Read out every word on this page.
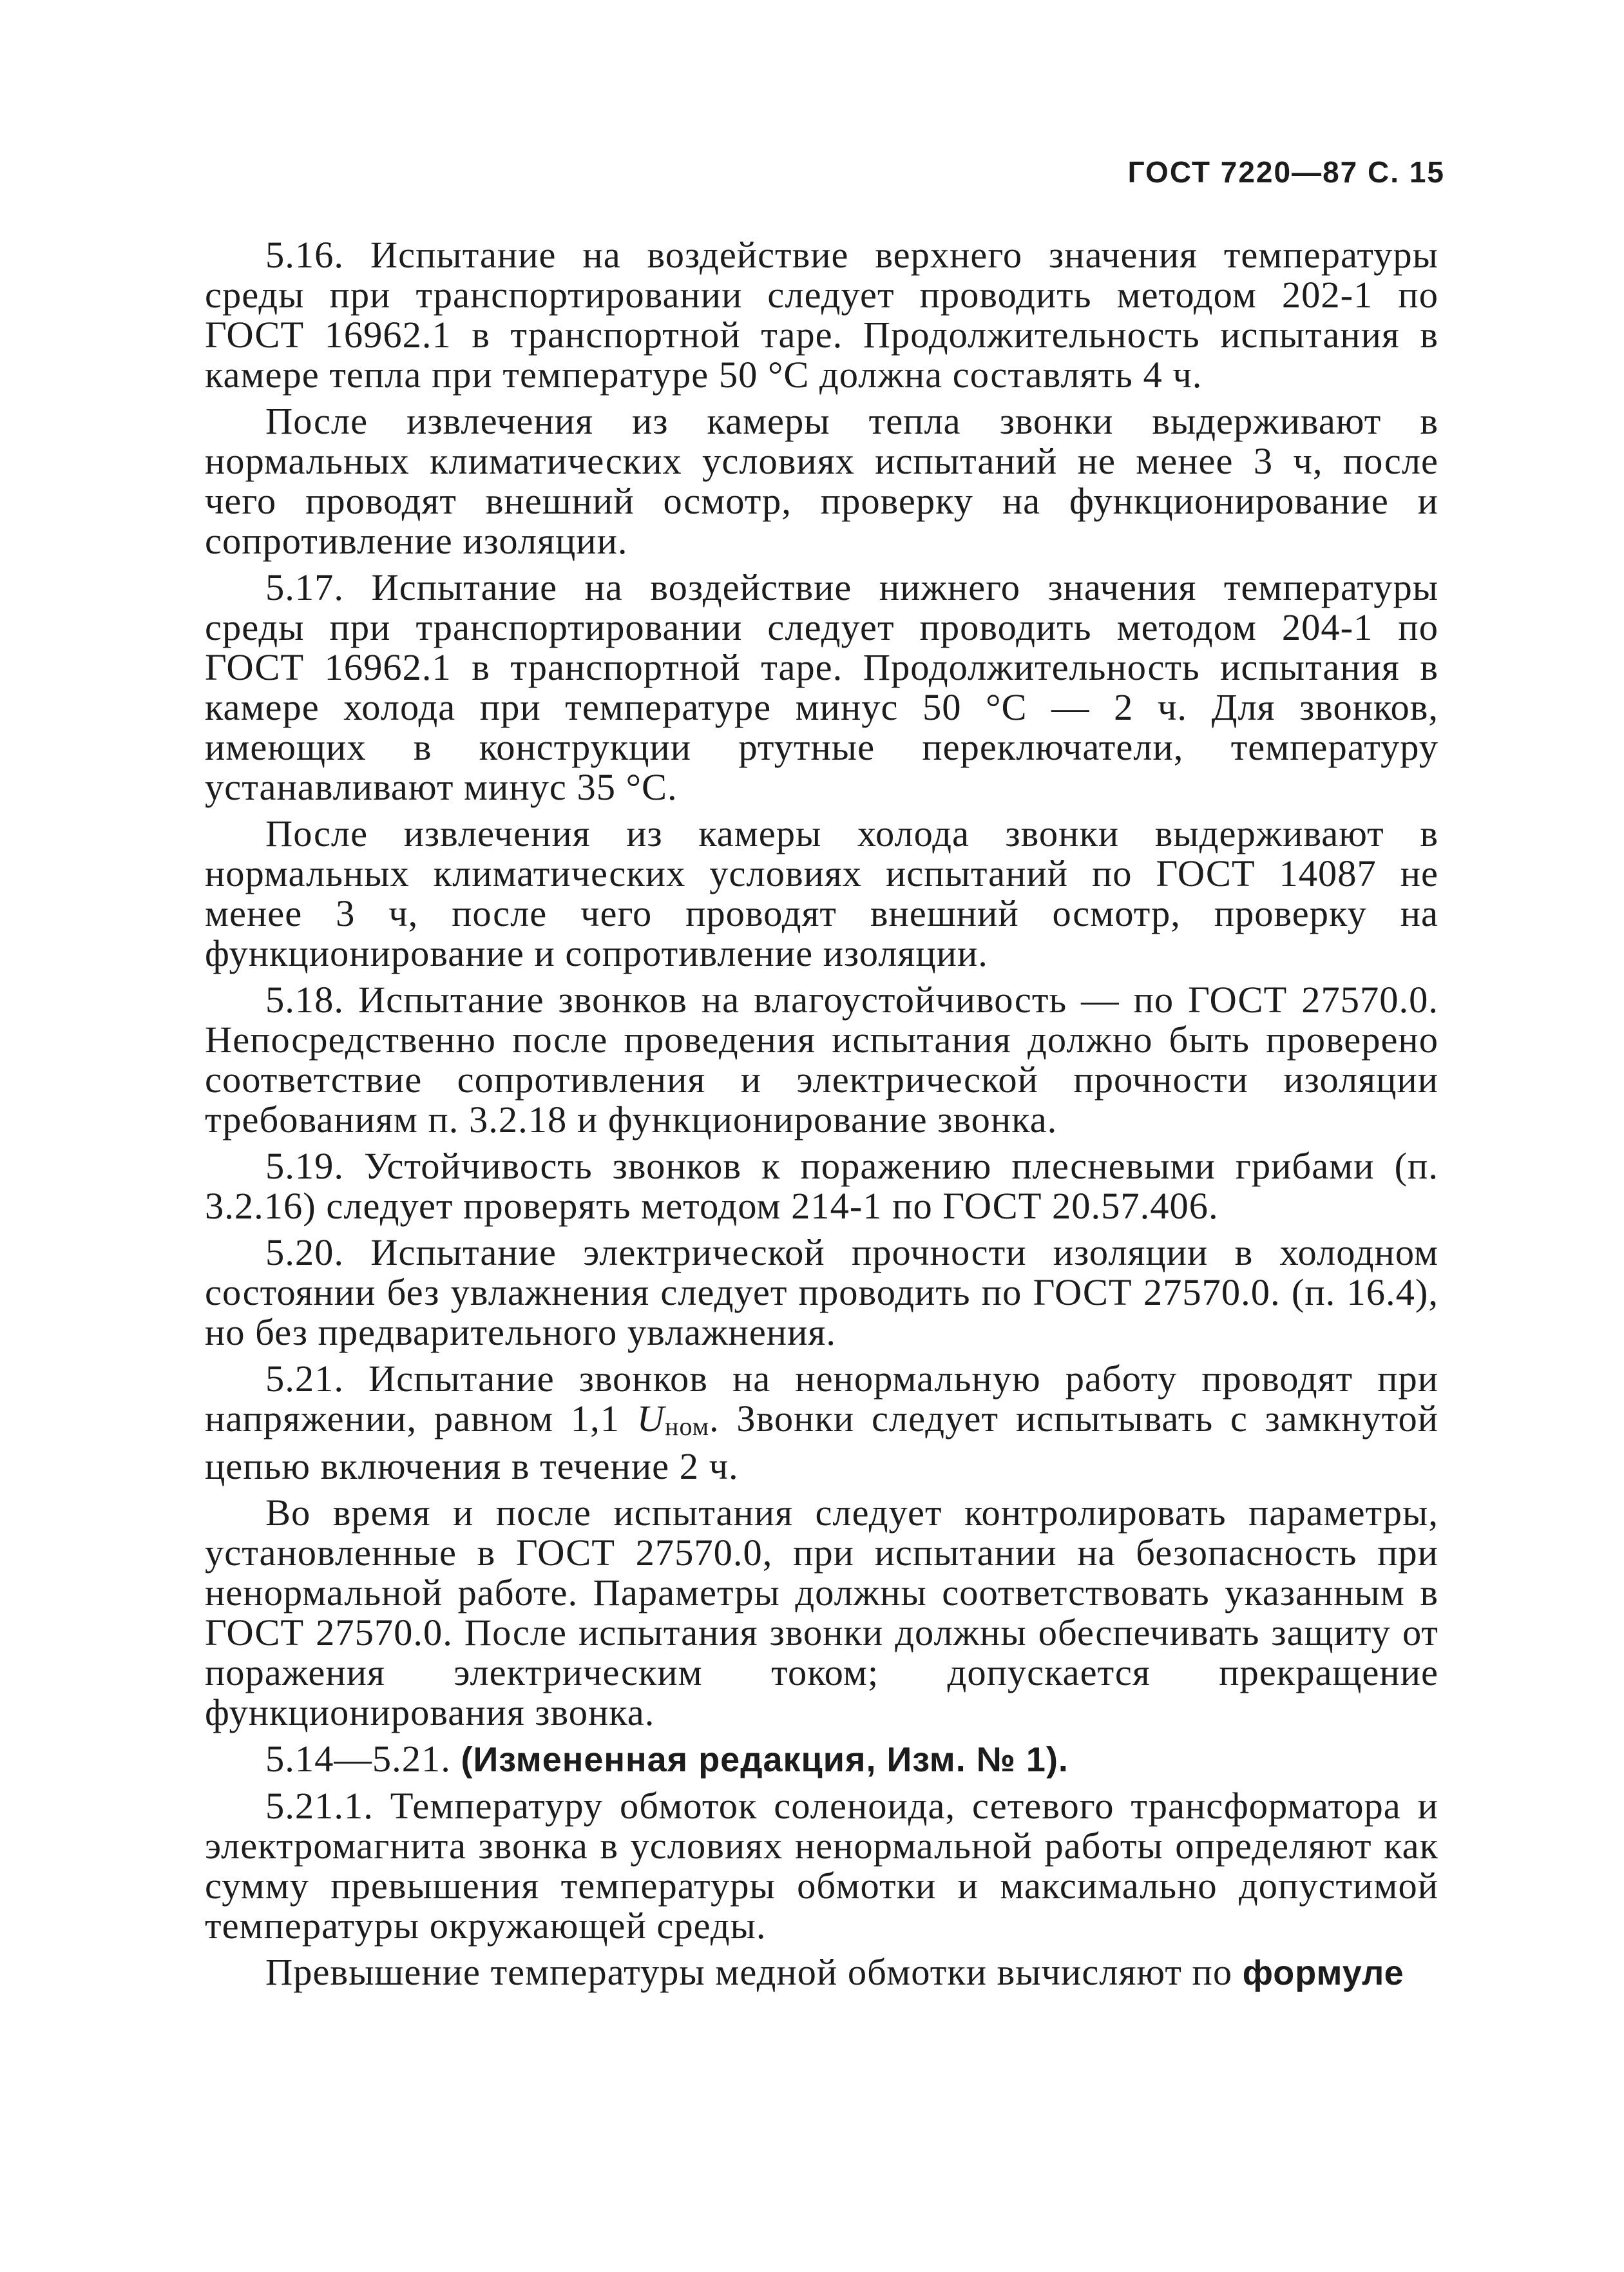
ГОСТ 7220—87 С. 15

5.16. Испытание на воздействие верхнего значения температуры среды при транспортировании следует проводить методом 202-1 по ГОСТ 16962.1 в транспортной таре. Продолжительность испытания в камере тепла при температуре 50 °С должна составлять 4 ч.

После извлечения из камеры тепла звонки выдерживают в нормальных климатических условиях испытаний не менее 3 ч, после чего проводят внешний осмотр, проверку на функционирование и сопротивление изоляции.

5.17. Испытание на воздействие нижнего значения температуры среды при транспортировании следует проводить методом 204-1 по ГОСТ 16962.1 в транспортной таре. Продолжительность испытания в камере холода при температуре минус 50 °С — 2 ч. Для звонков, имеющих в конструкции ртутные переключатели, температуру устанавливают минус 35 °С.

После извлечения из камеры холода звонки выдерживают в нормальных климатических условиях испытаний по ГОСТ 14087 не менее 3 ч, после чего проводят внешний осмотр, проверку на функционирование и сопротивление изоляции.

5.18. Испытание звонков на влагоустойчивость — по ГОСТ 27570.0. Непосредственно после проведения испытания должно быть проверено соответствие сопротивления и электрической прочности изоляции требованиям п. 3.2.18 и функционирование звонка.

5.19. Устойчивость звонков к поражению плесневыми грибами (п. 3.2.16) следует проверять методом 214-1 по ГОСТ 20.57.406.

5.20. Испытание электрической прочности изоляции в холодном состоянии без увлажнения следует проводить по ГОСТ 27570.0. (п. 16.4), но без предварительного увлажнения.

5.21. Испытание звонков на ненормальную работу проводят при напряжении, равном 1,1 Uном. Звонки следует испытывать с замкнутой цепью включения в течение 2 ч.

Во время и после испытания следует контролировать параметры, установленные в ГОСТ 27570.0, при испытании на безопасность при ненормальной работе. Параметры должны соответствовать указанным в ГОСТ 27570.0. После испытания звонки должны обеспечивать защиту от поражения электрическим током; допускается прекращение функционирования звонка.

5.14—5.21. (Измененная редакция, Изм. № 1).

5.21.1. Температуру обмоток соленоида, сетевого трансформатора и электромагнита звонка в условиях ненормальной работы определяют как сумму превышения температуры обмотки и максимально допустимой температуры окружающей среды.

Превышение температуры медной обмотки вычисляют по формуле
